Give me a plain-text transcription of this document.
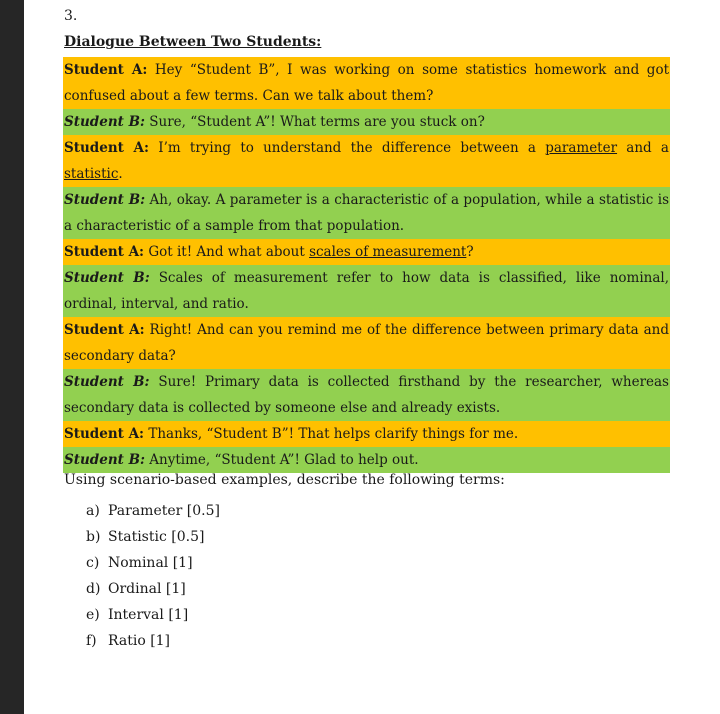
3.
Dialogue Between Two Students:
Student A: Hey “Student B”, I was working on some statistics homework and got confused about a few terms. Can we talk about them?
Student B: Sure, “Student A”! What terms are you stuck on?
Student A: I’m trying to understand the difference between a parameter and a statistic.
Student B: Ah, okay. A parameter is a characteristic of a population, while a statistic is a characteristic of a sample from that population.
Student A: Got it! And what about scales of measurement?
Student B: Scales of measurement refer to how data is classified, like nominal, ordinal, interval, and ratio.
Student A: Right! And can you remind me of the difference between primary data and secondary data?
Student B: Sure! Primary data is collected firsthand by the researcher, whereas secondary data is collected by someone else and already exists.
Student A: Thanks, “Student B”! That helps clarify things for me.
Student B: Anytime, “Student A”! Glad to help out.
Using scenario-based examples, describe the following terms:
a) Parameter [0.5]
b) Statistic [0.5]
c) Nominal [1]
d) Ordinal [1]
e) Interval [1]
f) Ratio [1]
